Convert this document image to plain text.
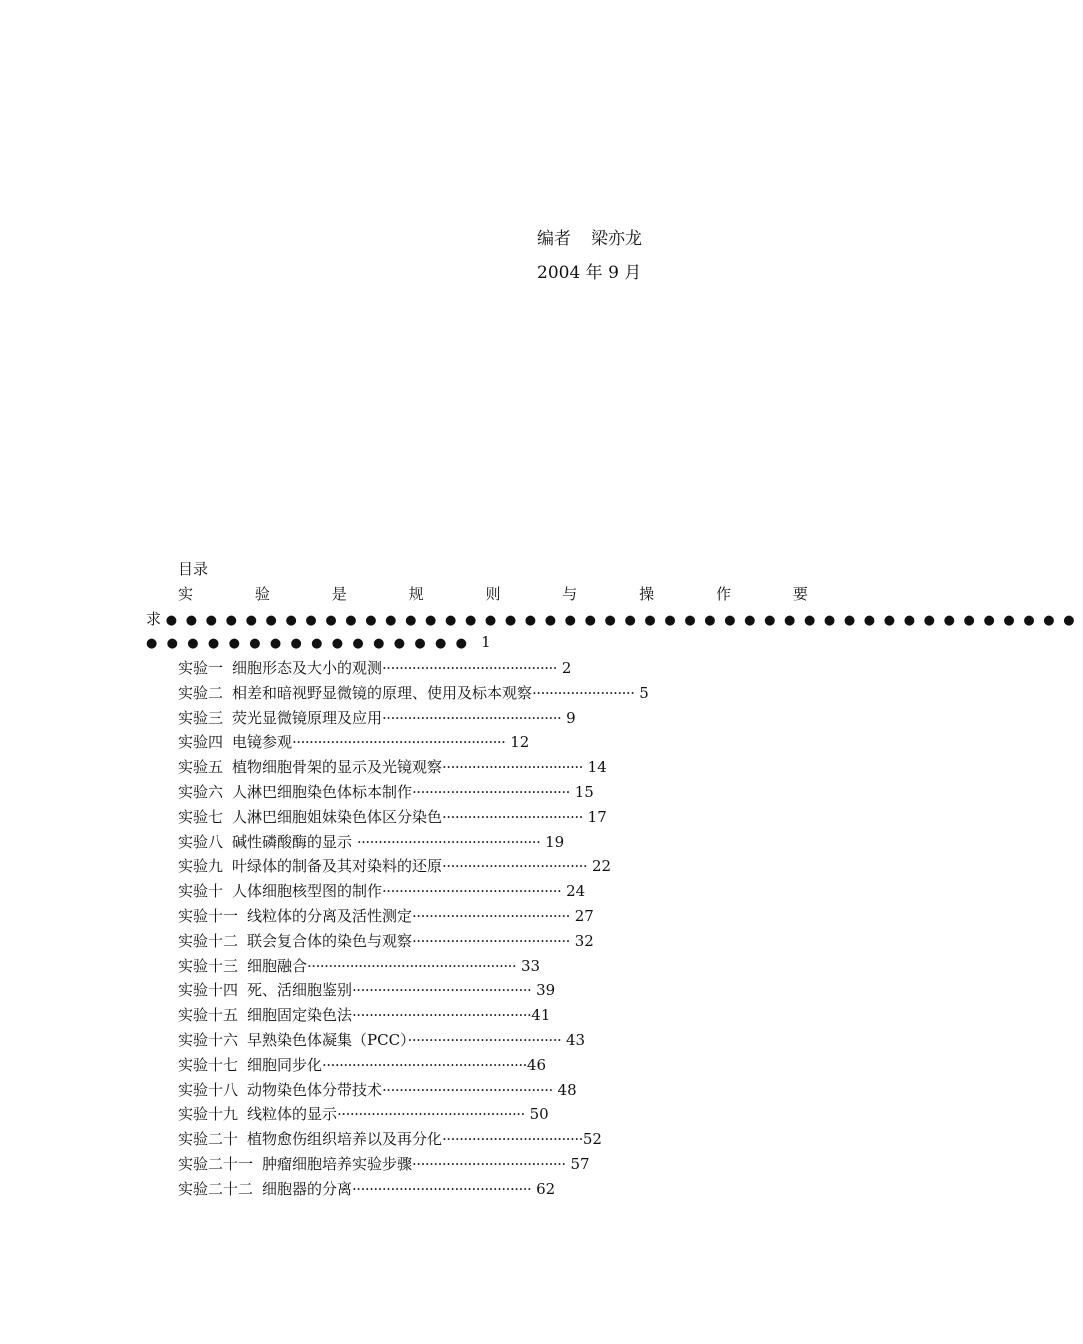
编者 梁亦龙
2004 年 9 月
目录
实	验	是	规	则	与	操	作	要
求 ●●●●●●●●●●●●●●●●●●●●●●●●●●●●●●●●●●●●●●●●●●●●●●
●●●●●●●●●●●●●●●● 1
实验一 细胞形态及大小的观测········································· 2
实验二 相差和暗视野显微镜的原理、使用及标本观察························ 5
实验三 荧光显微镜原理及应用·········································· 9
实验四 电镜参观·················································· 12
实验五 植物细胞骨架的显示及光镜观察································· 14
实验六 人淋巴细胞染色体标本制作····································· 15
实验七 人淋巴细胞姐妹染色体区分染色································· 17
实验八 碱性磷酸酶的显示 ··········································· 19
实验九 叶绿体的制备及其对染料的还原·································· 22
实验十 人体细胞核型图的制作·········································· 24
实验十一 线粒体的分离及活性测定····································· 27
实验十二 联会复合体的染色与观察····································· 32
实验十三 细胞融合················································· 33
实验十四 死、活细胞鉴别·········································· 39
实验十五 细胞固定染色法··········································41
实验十六 早熟染色体凝集（PCC）···································· 43
实验十七 细胞同步化················································46
实验十八 动物染色体分带技术········································ 48
实验十九 线粒体的显示············································ 50
实验二十 植物愈伤组织培养以及再分化·································52
实验二十一 肿瘤细胞培养实验步骤···································· 57
实验二十二 细胞器的分离·········································· 62
